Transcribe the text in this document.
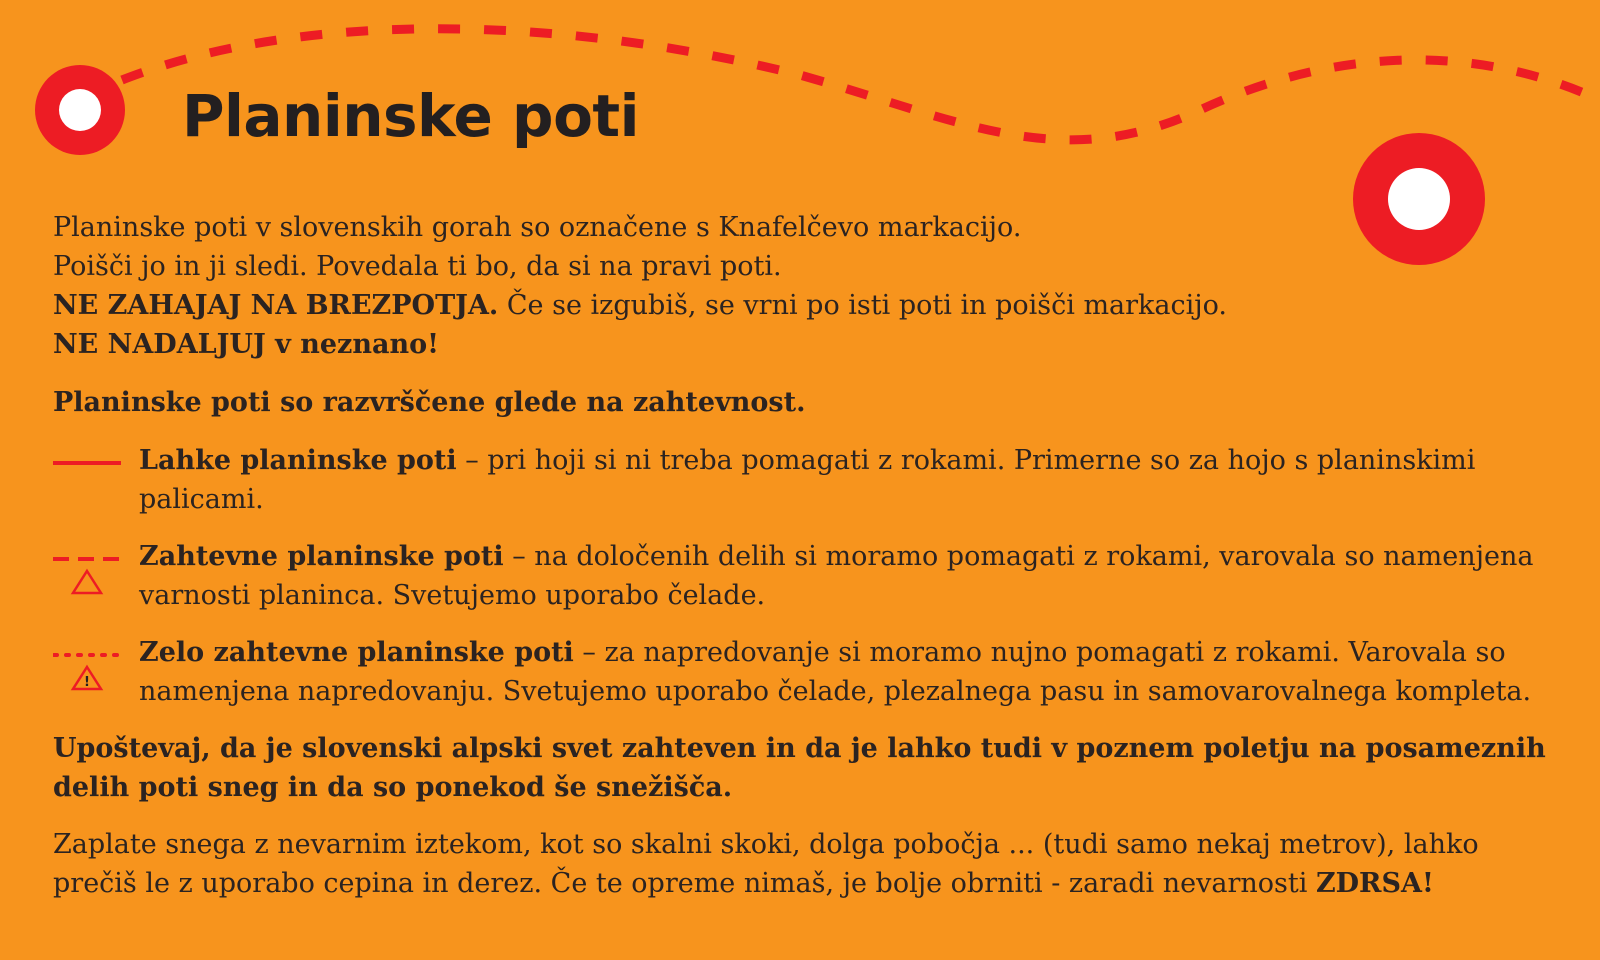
Planinske poti

Planinske poti v slovenskih gorah so označene s Knafelčevo markacijo.

Poišči jo in ji sledi. Povedala ti bo, da si na pravi poti.

NE ZAHAJAJ NA BREZPOTJA. Če se izgubiš, se vrni po isti poti in poišči markacijo.

NE NADALJUJ v neznano!

Planinske poti so razvrščene glede na zahtevnost.

Lahke planinske poti – pri hoji si ni treba pomagati z rokami. Primerne so za hojo s planinskimi palicami.

Zahtevne planinske poti – na določenih delih si moramo pomagati z rokami, varovala so namenjena varnosti planinca. Svetujemo uporabo čelade.

!

Zelo zahtevne planinske poti – za napredovanje si moramo nujno pomagati z rokami. Varovala so namenjena napredovanju. Svetujemo uporabo čelade, plezalnega pasu in samovarovalnega kompleta.

Upoštevaj, da je slovenski alpski svet zahteven in da je lahko tudi v poznem poletju na posameznih delih poti sneg in da so ponekod še snežišča.

Zaplate snega z nevarnim iztekom, kot so skalni skoki, dolga pobočja ... (tudi samo nekaj metrov), lahko prečiš le z uporabo cepina in derez. Če te opreme nimaš, je bolje obrniti - zaradi nevarnosti ZDRSA!
